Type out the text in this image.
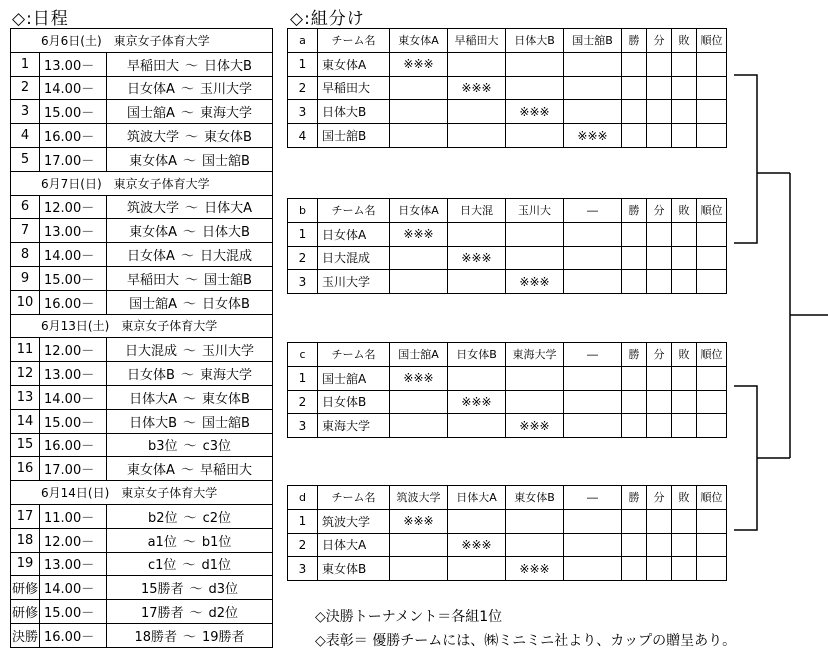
◇:日程	◇:組分け
6月6日(土)　東京女子体育大学		
1	13.00－	早稲田大 ～ 日体大B
2	14.00－	日女体A ～ 玉川大学
3	15.00－	国士舘A ～ 東海大学
4	16.00－	筑波大学 ～ 東女体B
5	17.00－	東女体A ～ 国士舘B
6月7日(日)　東京女子体育大学		
6	12.00－	筑波大学 ～ 日体大A
7	13.00－	東女体A ～ 日体大B
8	14.00－	日女体A ～ 日大混成
9	15.00－	早稲田大 ～ 国士舘B
10	16.00－	国士舘A ～ 日女体B
6月13日(土)　東京女子体育大学		
11	12.00－	日大混成 ～ 玉川大学
12	13.00－	日女体B ～ 東海大学
13	14.00－	日体大A ～ 東女体B
14	15.00－	日体大B ～ 国士舘B
15	16.00－	b3位 ～ c3位
16	17.00－	東女体A ～ 早稲田大
6月14日(日)　東京女子体育大学		
17	11.00－	b2位 ～ c2位
18	12.00－	a1位 ～ b1位
19	13.00－	c1位 ～ d1位
研修	14.00－	15勝者 ～ d3位
研修	15.00－	17勝者 ～ d2位
決勝	16.00－	18勝者 ～ 19勝者
a	チーム名	東女体A	早稲田大	日体大B	国士舘B	勝	分	敗	順位
1	東女体A	※※※							
2	早稲田大		※※※						
3	日体大B			※※※					
4	国士舘B				※※※				
b	チーム名	日女体A	日大混	玉川大	―	勝	分	敗	順位
1	日女体A	※※※							
2	日大混成		※※※						
3	玉川大学			※※※					
c	チーム名	国士舘A	日女体B	東海大学	―	勝	分	敗	順位
1	国士舘A	※※※							
2	日女体B		※※※						
3	東海大学			※※※					
d	チーム名	筑波大学	日体大A	東女体B	―	勝	分	敗	順位
1	筑波大学	※※※							
2	日体大A		※※※						
3	東女体B			※※※					
◇決勝トーナメント＝各組1位
◇表彰＝ 優勝チームには、㈱ミニミニ社より、カップの贈呈あり。
